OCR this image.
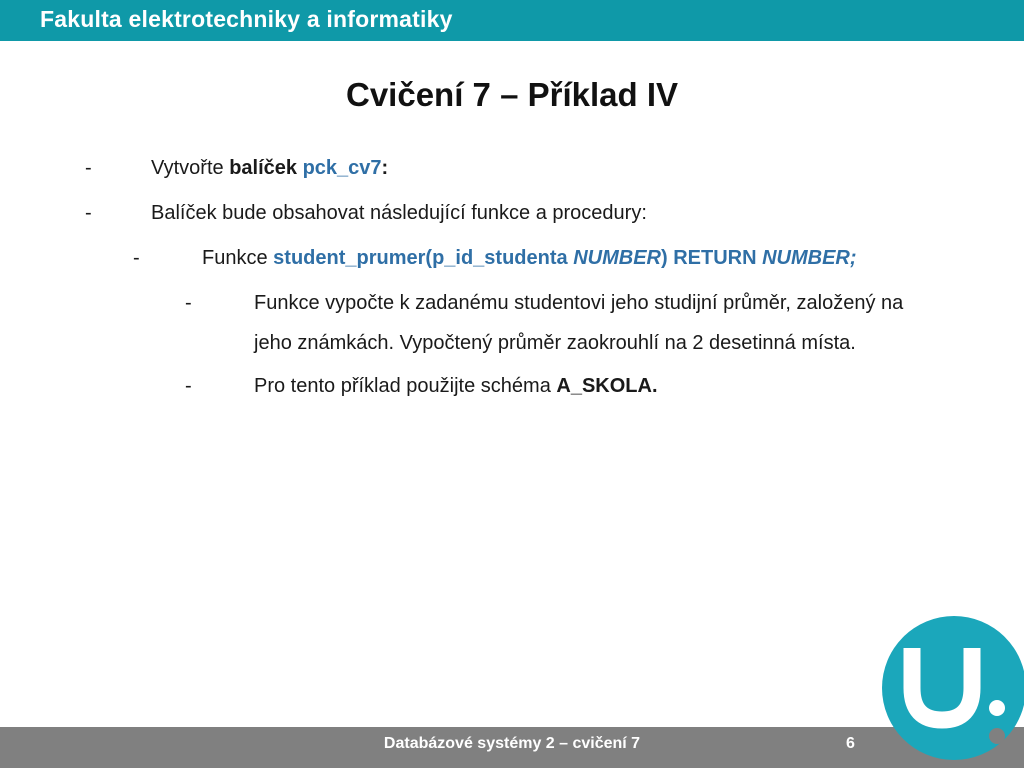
Fakulta elektrotechniky a informatiky
Cvičení 7 – Příklad IV
-	Vytvořte balíček pck_cv7:
-	Balíček bude obsahovat následující funkce a procedury:
-	Funkce student_prumer(p_id_studenta NUMBER) RETURN NUMBER;
-	Funkce vypočte k zadanému studentovi jeho studijní průměr, založený na
jeho známkách. Vypočtený průměr zaokrouhlí na 2 desetinná místa.
-	Pro tento příklad použijte schéma A_SKOLA.
Databázové systémy 2 – cvičení 7	6
